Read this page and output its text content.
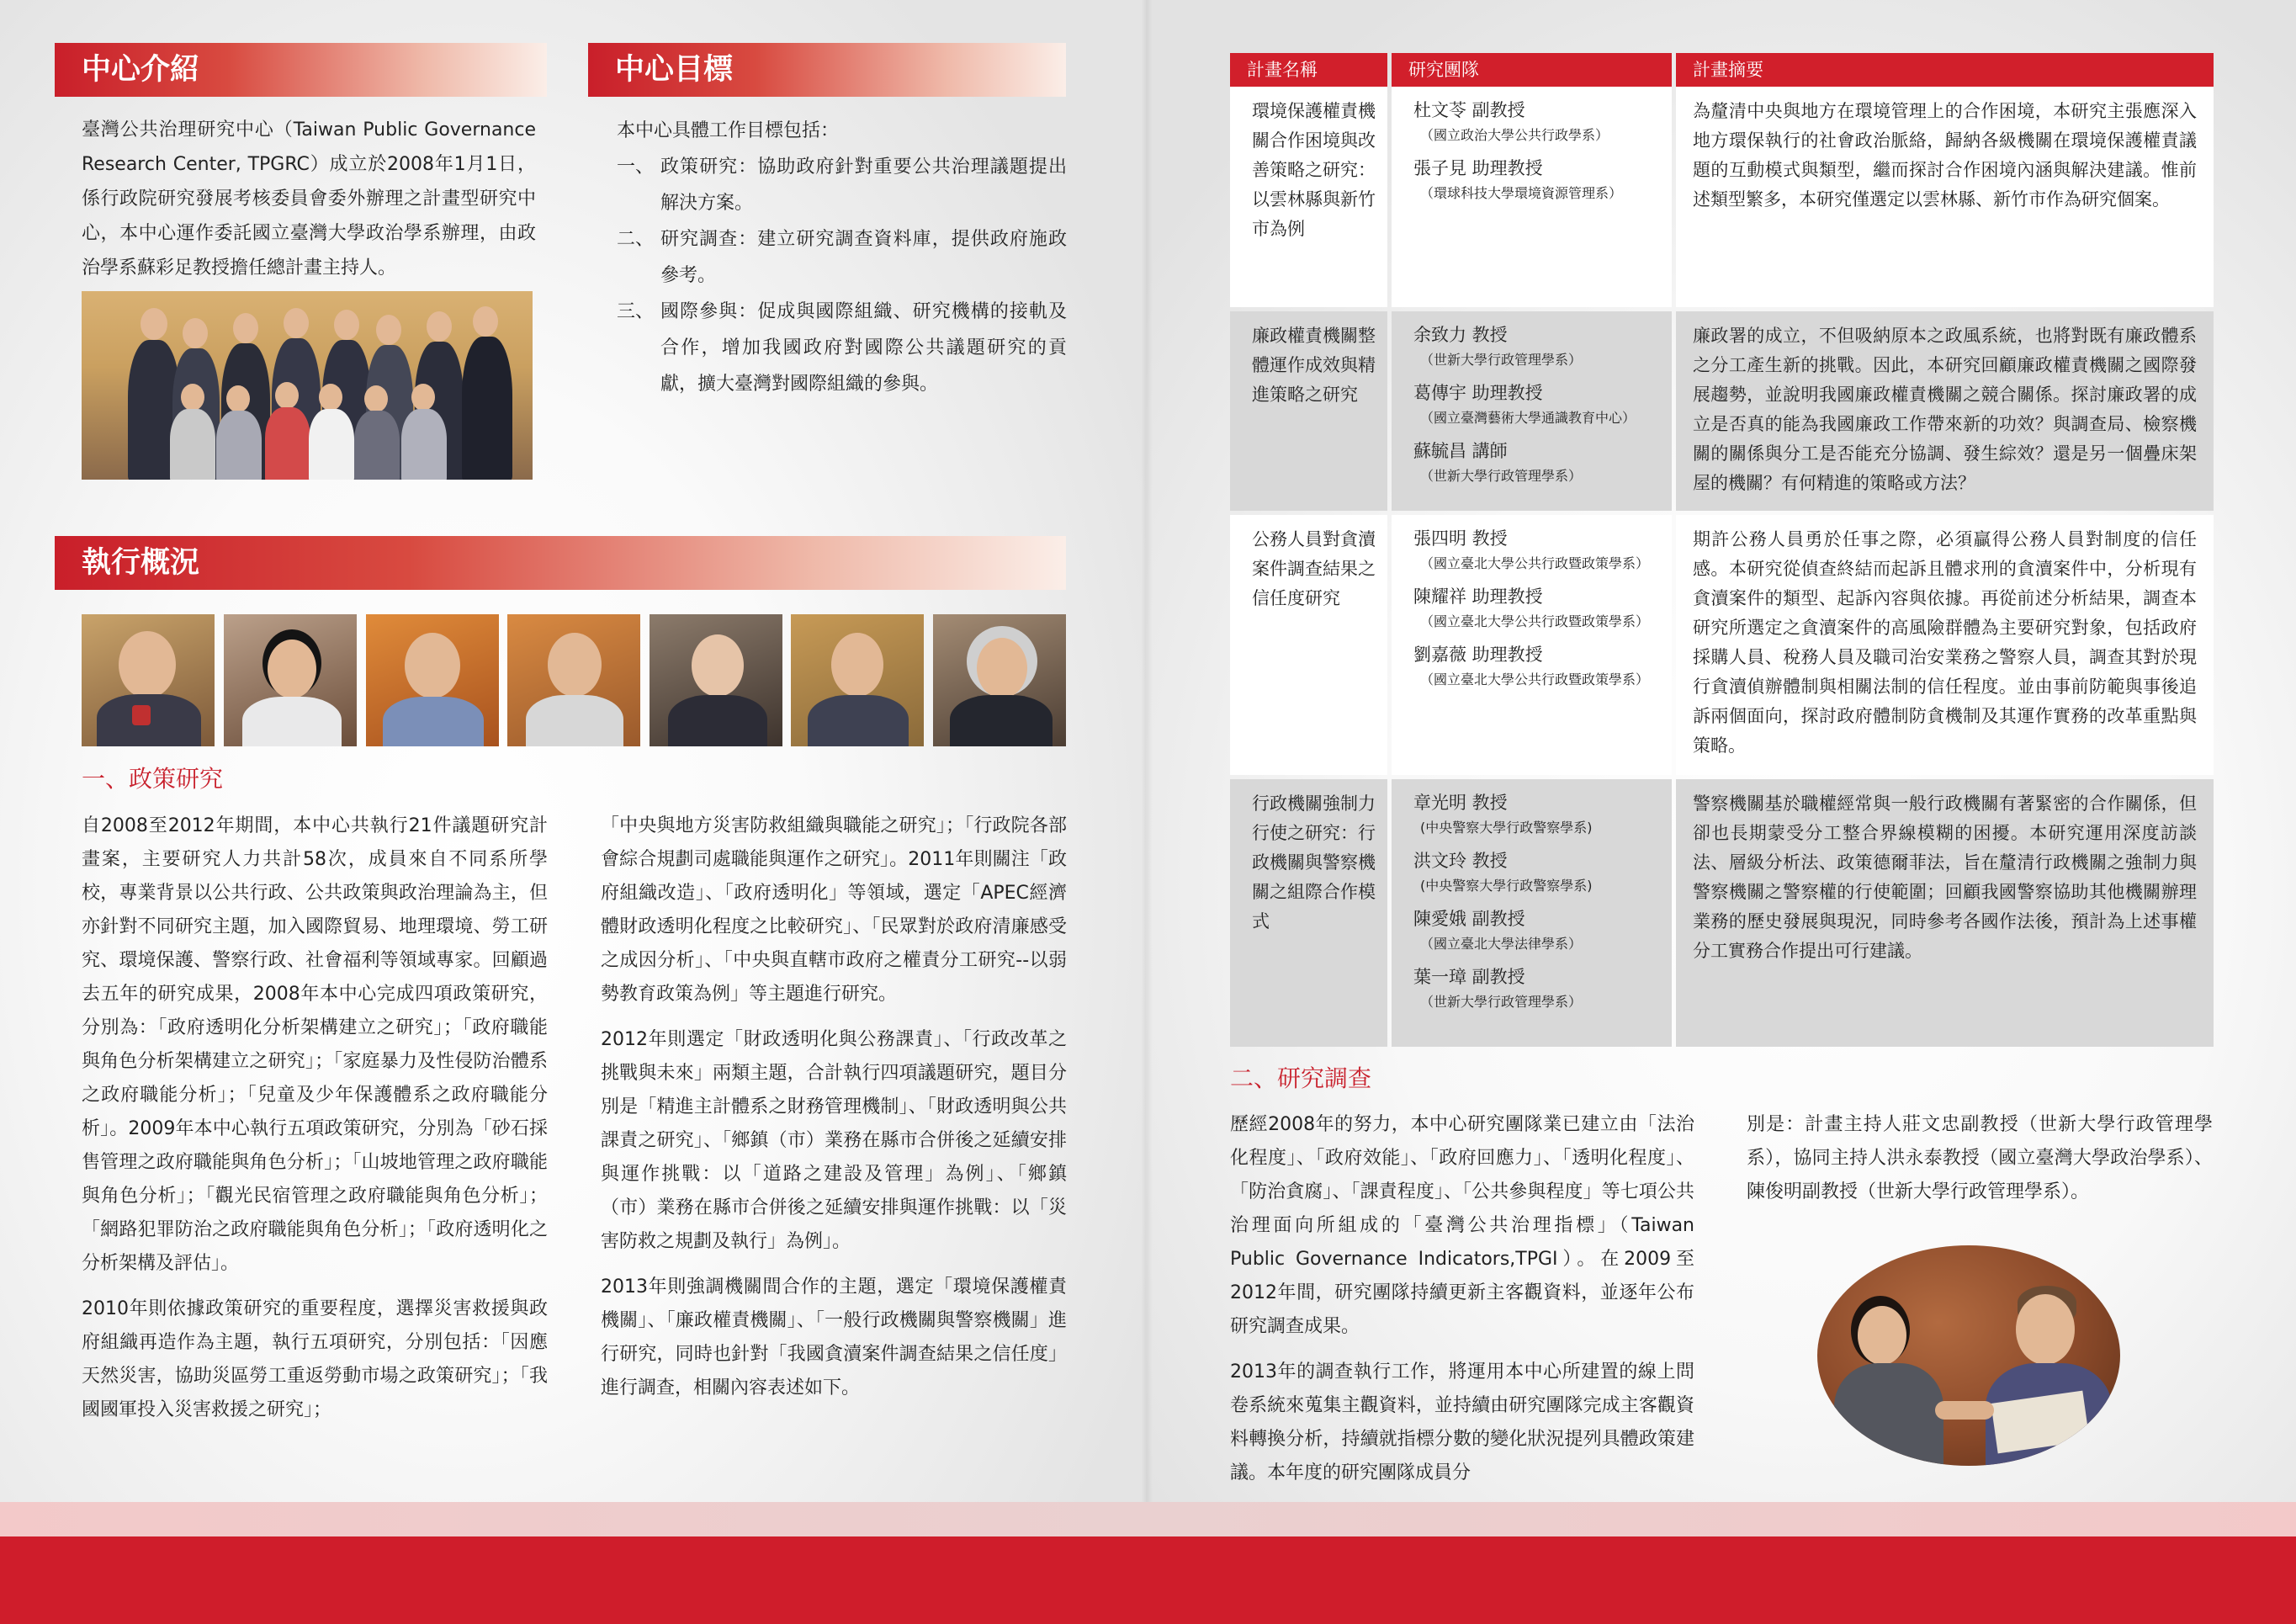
中心介紹
臺灣公共治理研究中心（Taiwan Public Governance Research Center, TPGRC）成立於2008年1月1日，係行政院研究發展考核委員會委外辦理之計畫型研究中心，本中心運作委託國立臺灣大學政治學系辦理，由政治學系蘇彩足教授擔任總計畫主持人。
中心目標
本中心具體工作目標包括：
一、 政策研究：協助政府針對重要公共治理議題提出解決方案。
二、 研究調查：建立研究調查資料庫，提供政府施政參考。
三、 國際參與：促成與國際組織、研究機構的接軌及合作，增加我國政府對國際公共議題研究的貢獻，擴大臺灣對國際組織的參與。
執行概況
一、政策研究

自2008至2012年期間，本中心共執行21件議題研究計畫案，主要研究人力共計58次，成員來自不同系所學校，專業背景以公共行政、公共政策與政治理論為主，但亦針對不同研究主題，加入國際貿易、地理環境、勞工研究、環境保護、警察行政、社會福利等領域專家。回顧過去五年的研究成果，2008年本中心完成四項政策研究，分別為：「政府透明化分析架構建立之研究」；「政府職能與角色分析架構建立之研究」；「家庭暴力及性侵防治體系之政府職能分析」；「兒童及少年保護體系之政府職能分析」。2009年本中心執行五項政策研究，分別為「砂石採售管理之政府職能與角色分析」；「山坡地管理之政府職能與角色分析」；「觀光民宿管理之政府職能與角色分析」；「網路犯罪防治之政府職能與角色分析」；「政府透明化之分析架構及評估」。

2010年則依據政策研究的重要程度，選擇災害救援與政府組織再造作為主題，執行五項研究，分別包括：「因應天然災害，協助災區勞工重返勞動市場之政策研究」；「我國國軍投入災害救援之研究」；

「中央與地方災害防救組織與職能之研究」；「行政院各部會綜合規劃司處職能與運作之研究」。2011年則關注「政府組織改造」、「政府透明化」等領域，選定「APEC經濟體財政透明化程度之比較研究」、「民眾對於政府清廉感受之成因分析」、「中央與直轄市政府之權責分工研究--以弱勢教育政策為例」等主題進行研究。

2012年則選定「財政透明化與公務課責」、「行政改革之挑戰與未來」兩類主題，合計執行四項議題研究，題目分別是「精進主計體系之財務管理機制」、「財政透明與公共課責之研究」、「鄉鎮（市）業務在縣市合併後之延續安排與運作挑戰：以「道路之建設及管理」為例」、「鄉鎮（市）業務在縣市合併後之延續安排與運作挑戰：以「災害防救之規劃及執行」為例」。

2013年則強調機關間合作的主題，選定「環境保護權責機關」、「廉政權責機關」、「一般行政機關與警察機關」進行研究，同時也針對「我國貪瀆案件調查結果之信任度」進行調查，相關內容表述如下。

計畫名稱	研究團隊	計畫摘要
環境保護權責機關合作困境與改善策略之研究：以雲林縣與新竹市為例
杜文苓 副教授
（國立政治大學公共行政學系）
張子見 助理教授
（環球科技大學環境資源管理系）
為釐清中央與地方在環境管理上的合作困境，本研究主張應深入地方環保執行的社會政治脈絡，歸納各級機關在環境保護權責議題的互動模式與類型，繼而探討合作困境內涵與解決建議。惟前述類型繁多，本研究僅選定以雲林縣、新竹市作為研究個案。
廉政權責機關整體運作成效與精進策略之研究
余致力 教授
（世新大學行政管理學系）
葛傳宇 助理教授
（國立臺灣藝術大學通識教育中心）
蘇毓昌 講師
（世新大學行政管理學系）
廉政署的成立，不但吸納原本之政風系統，也將對既有廉政體系之分工產生新的挑戰。因此，本研究回顧廉政權責機關之國際發展趨勢，並說明我國廉政權責機關之競合關係。探討廉政署的成立是否真的能為我國廉政工作帶來新的功效？與調查局、檢察機關的關係與分工是否能充分協調、發生綜效？還是另一個疊床架屋的機關？有何精進的策略或方法？
公務人員對貪瀆案件調查結果之信任度研究
張四明 教授
（國立臺北大學公共行政暨政策學系）
陳耀祥 助理教授
（國立臺北大學公共行政暨政策學系）
劉嘉薇 助理教授
（國立臺北大學公共行政暨政策學系）
期許公務人員勇於任事之際，必須贏得公務人員對制度的信任感。本研究從偵查終結而起訴且體求刑的貪瀆案件中，分析現有貪瀆案件的類型、起訴內容與依據。再從前述分析結果，調查本研究所選定之貪瀆案件的高風險群體為主要研究對象，包括政府採購人員、稅務人員及職司治安業務之警察人員，調查其對於現行貪瀆偵辦體制與相關法制的信任程度。並由事前防範與事後追訴兩個面向，探討政府體制防貪機制及其運作實務的改革重點與策略。
行政機關強制力行使之研究：行政機關與警察機關之組際合作模式
章光明 教授
(中央警察大學行政警察學系)
洪文玲 教授
(中央警察大學行政警察學系)
陳愛娥 副教授
（國立臺北大學法律學系）
葉一璋 副教授
（世新大學行政管理學系）
警察機關基於職權經常與一般行政機關有著緊密的合作關係，但卻也長期蒙受分工整合界線模糊的困擾。本研究運用深度訪談法、層級分析法、政策德爾菲法，旨在釐清行政機關之強制力與警察機關之警察權的行使範圍；回顧我國警察協助其他機關辦理業務的歷史發展與現況，同時參考各國作法後，預計為上述事權分工實務合作提出可行建議。
二、研究調查

歷經2008年的努力，本中心研究團隊業已建立由「法治化程度」、「政府效能」、「政府回應力」、「透明化程度」、「防治貪腐」、「課責程度」、「公共參與程度」等七項公共治理面向所組成的「臺灣公共治理指標」（Taiwan Public Governance Indicators,TPGI）。在2009至2012年間，研究團隊持續更新主客觀資料，並逐年公布研究調查成果。

2013年的調查執行工作，將運用本中心所建置的線上問卷系統來蒐集主觀資料，並持續由研究團隊完成主客觀資料轉換分析，持續就指標分數的變化狀況提列具體政策建議。本年度的研究團隊成員分

別是：計畫主持人莊文忠副教授（世新大學行政管理學系），協同主持人洪永泰教授（國立臺灣大學政治學系）、陳俊明副教授（世新大學行政管理學系）。
